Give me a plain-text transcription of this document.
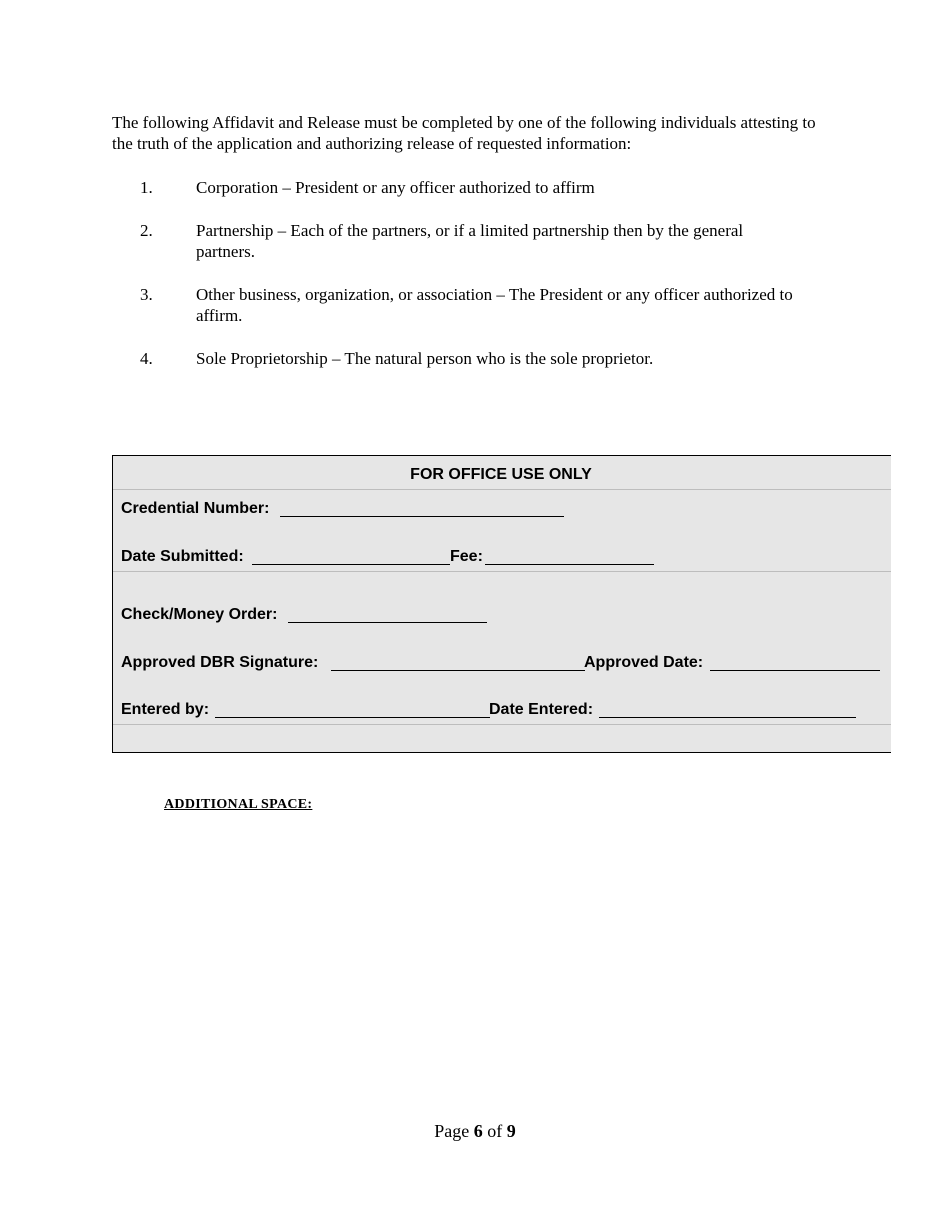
The following Affidavit and Release must be completed by one of the following individuals attesting to the truth of the application and authorizing release of requested information:
1.	Corporation – President or any officer authorized to affirm
2.	Partnership – Each of the partners, or if a limited partnership then by the general partners.
3.	Other business, organization, or association – The President or any officer authorized to affirm.
4.	Sole Proprietorship – The natural person who is the sole proprietor.
FOR OFFICE USE ONLY
Credential Number:
Date Submitted:	Fee:
Check/Money Order:
Approved DBR Signature:	Approved Date:
Entered by:	Date Entered:
ADDITIONAL SPACE:
Page 6 of 9
